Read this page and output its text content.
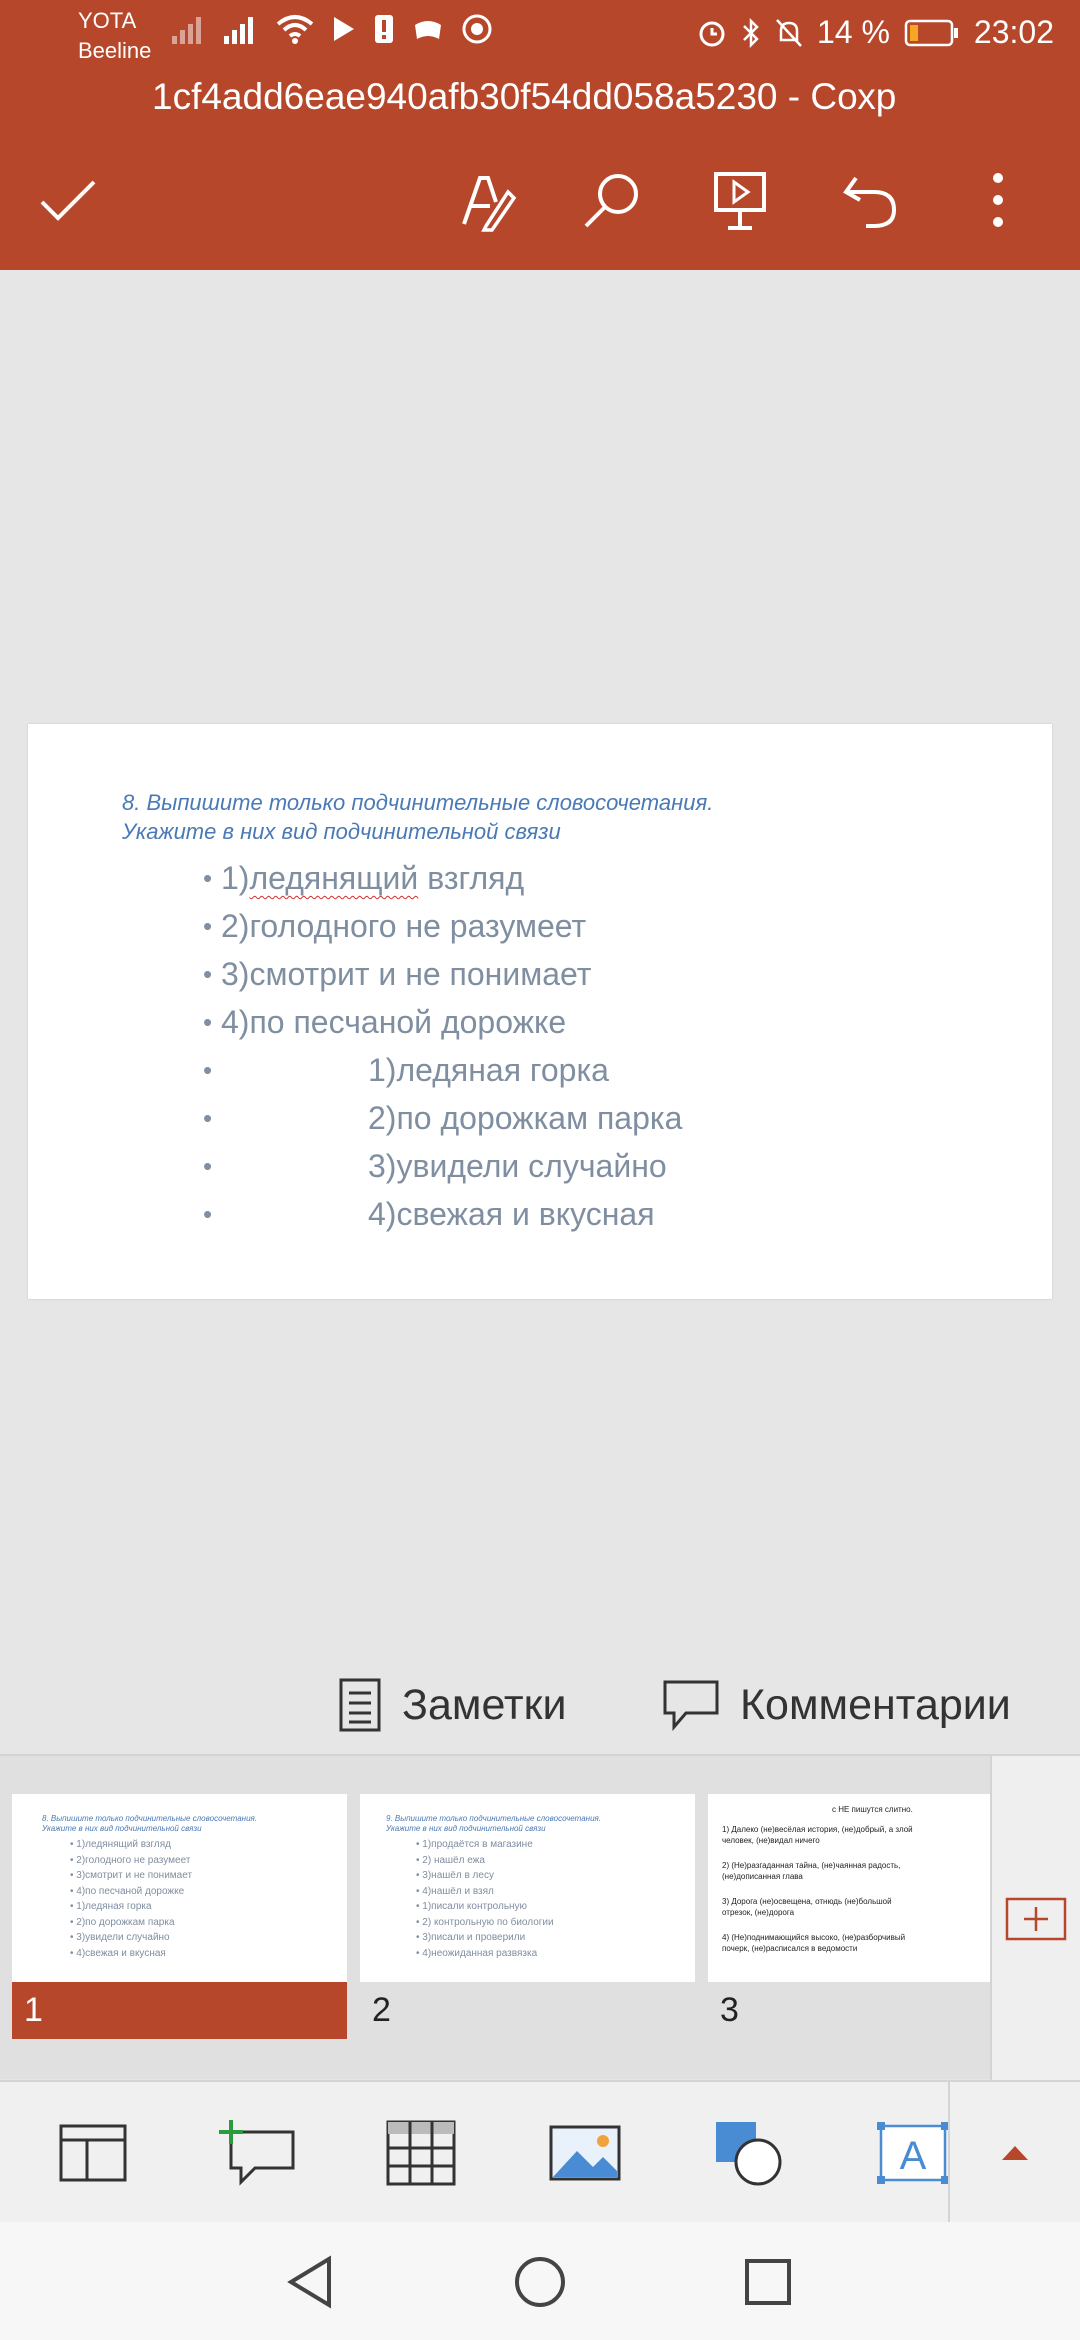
YOTA
Beeline
14 %	23:02
1cf4add6eae940afb30f54dd058a5230 - Сохр
8. Выпишите только подчинительные словосочетания.
Укажите в них вид подчинительной связи
• 1)ледянящий взгляд
• 2)голодного не разумеет
• 3)смотрит и не понимает
• 4)по песчаной дорожке
•	1)ледяная горка
•	2)по дорожкам парка
•	3)увидели случайно
•	4)свежая и вкусная
Заметки	Комментарии
8. Выпишите только подчинительные словосочетания.
Укажите в них вид подчинительной связи
• 1)ледянящий взгляд
• 2)голодного не разумеет
• 3)смотрит и не понимает
• 4)по песчаной дорожке
• 1)ледяная горка
• 2)по дорожкам парка
• 3)увидели случайно
• 4)свежая и вкусная
1
9. Выпишите только подчинительные словосочетания.
Укажите в них вид подчинительной связи
• 1)продаётся в магазине
• 2) нашёл ежа
• 3)нашёл в лесу
• 4)нашёл и взял
• 1)писали контрольную
• 2) контрольную по биологии
• 3)писали и проверили
• 4)неожиданная развязка
2
с НЕ пишутся слитно.
1) Далеко (не)весёлая история, (не)добрый, а злой
человек, (не)видал ничего
2) (Не)разгаданная тайна, (не)чаянная радость,
(не)дописанная глава
3) Дорога (не)освещена, отнюдь (не)большой
отрезок, (не)дорога
4) (Не)поднимающийся высоко, (не)разборчивый
почерк, (не)расписался в ведомости
3
A
